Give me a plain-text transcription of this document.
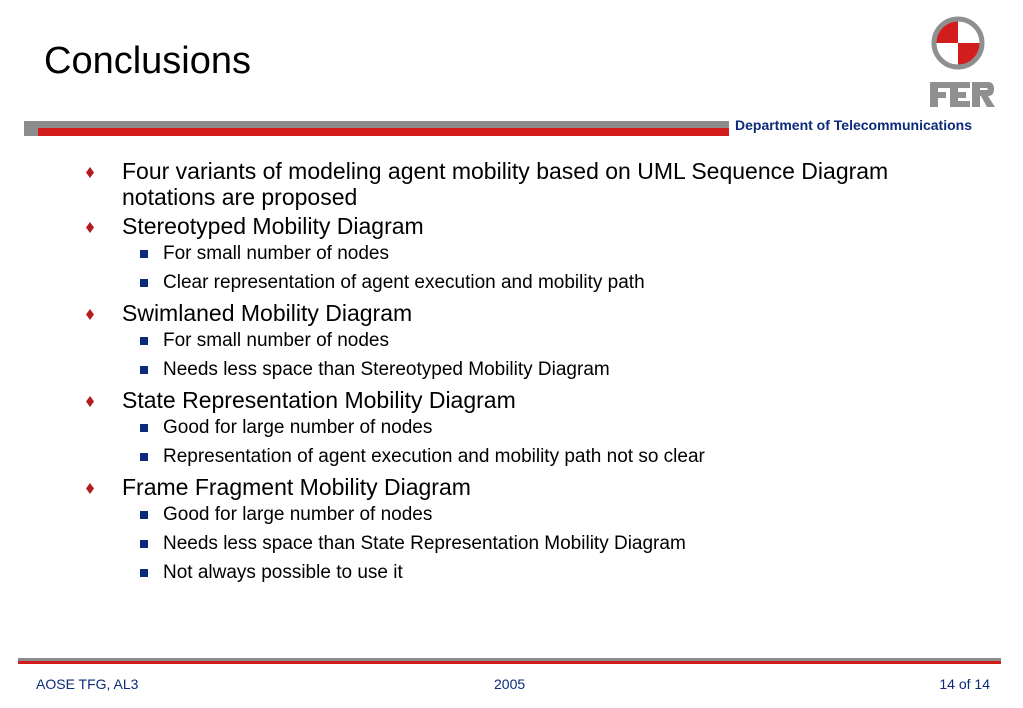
Conclusions
Department of Telecommunications
Four variants of modeling agent mobility based on UML Sequence Diagram notations are proposed
Stereotyped Mobility Diagram
For small number of nodes
Clear representation of agent execution and mobility path
Swimlaned Mobility Diagram
For small number of nodes
Needs less space than Stereotyped Mobility Diagram
State Representation Mobility Diagram
Good for large number of nodes
Representation of agent execution and mobility path not so clear
Frame Fragment Mobility Diagram
Good for large number of nodes
Needs less space than State Representation Mobility Diagram
Not always possible to use it
AOSE TFG, AL3	2005	14 of 14
